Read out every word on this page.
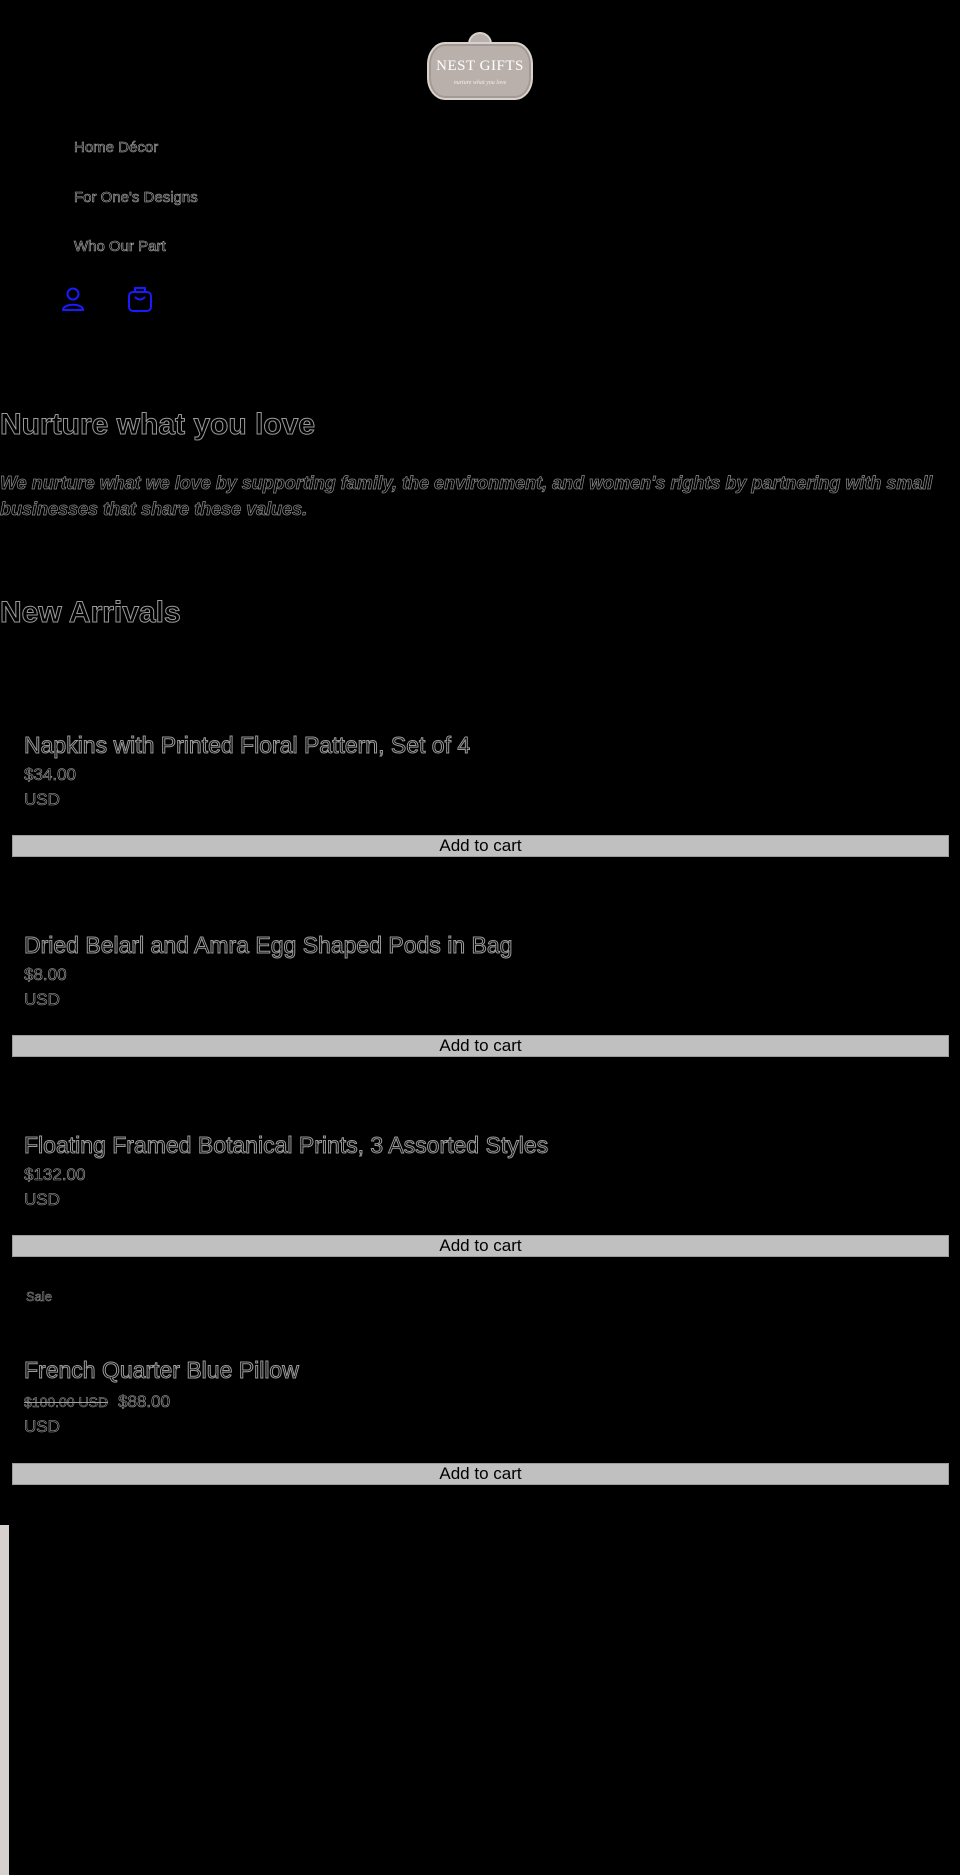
NEST GIFTS
nurture what you love
Home Décor
For One's Designs
Who Our Part
Nurture what you love

We nurture what we love by supporting family, the environment, and women's rights by partnering with small businesses that share these values.

New Arrivals
Napkins with Printed Floral Pattern, Set of 4
$34.00
USD
Add to cart
Dried Belarl and Amra Egg Shaped Pods in Bag
$8.00
USD
Add to cart
Floating Framed Botanical Prints, 3 Assorted Styles
$132.00
USD
Add to cart
Sale
French Quarter Blue Pillow
$100.00 USD $88.00
USD
Add to cart
